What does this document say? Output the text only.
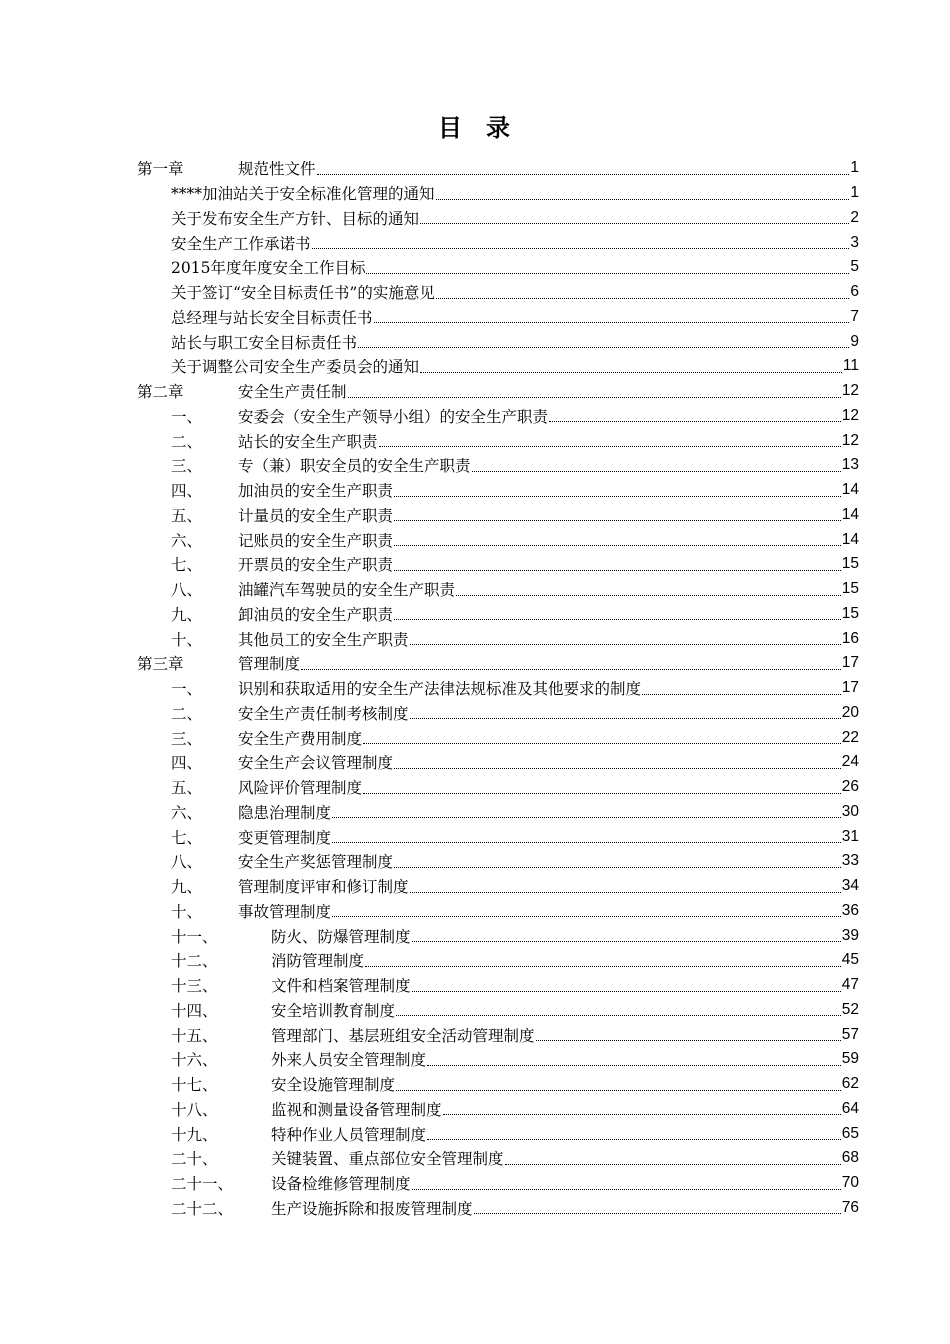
目 录
第一章	规范性文件	1
****加油站关于安全标准化管理的通知	1
关于发布安全生产方针、目标的通知	2
安全生产工作承诺书	3
2015年度年度安全工作目标	5
关于签订“安全目标责任书”的实施意见	6
总经理与站长安全目标责任书	7
站长与职工安全目标责任书	9
关于调整公司安全生产委员会的通知	11
第二章	安全生产责任制	12
一、	安委会（安全生产领导小组）的安全生产职责	12
二、	站长的安全生产职责	12
三、	专（兼）职安全员的安全生产职责	13
四、	加油员的安全生产职责	14
五、	计量员的安全生产职责	14
六、	记账员的安全生产职责	14
七、	开票员的安全生产职责	15
八、	油罐汽车驾驶员的安全生产职责	15
九、	卸油员的安全生产职责	15
十、	其他员工的安全生产职责	16
第三章	管理制度	17
一、	识别和获取适用的安全生产法律法规标准及其他要求的制度	17
二、	安全生产责任制考核制度	20
三、	安全生产费用制度	22
四、	安全生产会议管理制度	24
五、	风险评价管理制度	26
六、	隐患治理制度	30
七、	变更管理制度	31
八、	安全生产奖惩管理制度	33
九、	管理制度评审和修订制度	34
十、	事故管理制度	36
十一、	防火、防爆管理制度	39
十二、	消防管理制度	45
十三、	文件和档案管理制度	47
十四、	安全培训教育制度	52
十五、	管理部门、基层班组安全活动管理制度	57
十六、	外来人员安全管理制度	59
十七、	安全设施管理制度	62
十八、	监视和测量设备管理制度	64
十九、	特种作业人员管理制度	65
二十、	关键装置、重点部位安全管理制度	68
二十一、	设备检维修管理制度	70
二十二、	生产设施拆除和报废管理制度	76
